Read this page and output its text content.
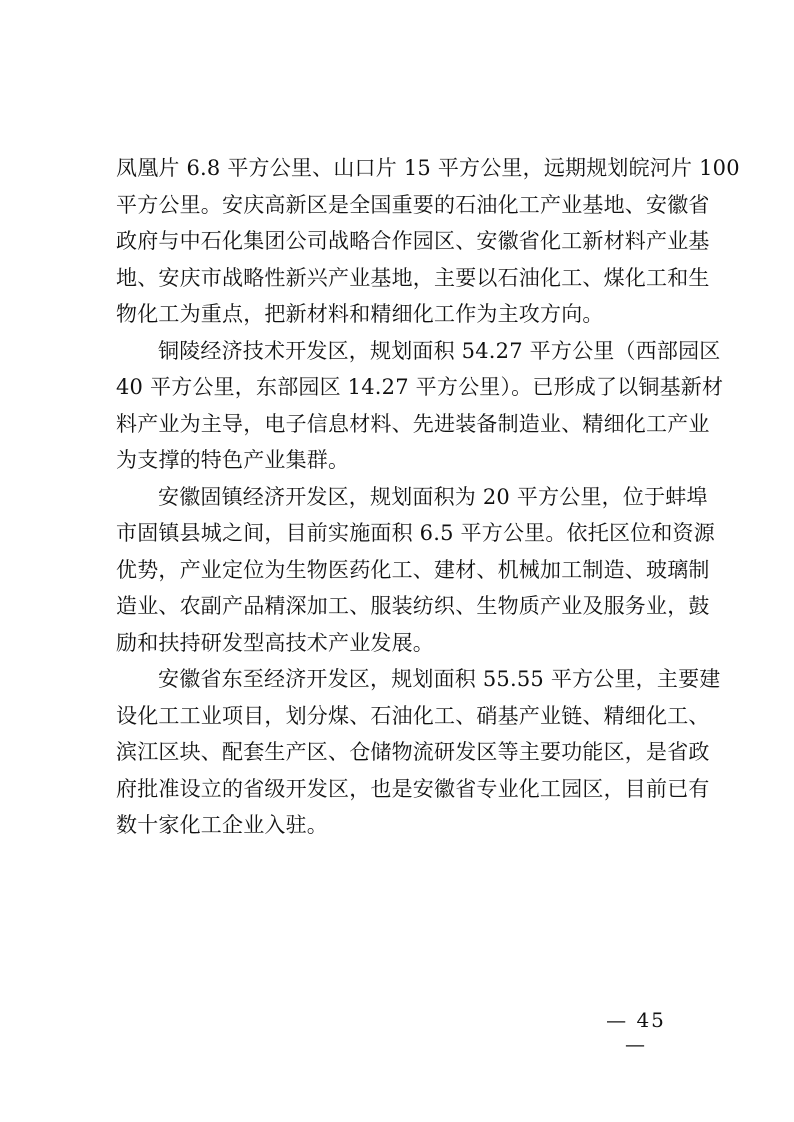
凤凰片 6.8 平方公里、山口片 15 平方公里，远期规划皖河片 100
平方公里。安庆高新区是全国重要的石油化工产业基地、安徽省
政府与中石化集团公司战略合作园区、安徽省化工新材料产业基
地、安庆市战略性新兴产业基地，主要以石油化工、煤化工和生
物化工为重点，把新材料和精细化工作为主攻方向。
铜陵经济技术开发区，规划面积 54.27 平方公里（西部园区
40 平方公里，东部园区 14.27 平方公里）。已形成了以铜基新材
料产业为主导，电子信息材料、先进装备制造业、精细化工产业
为支撑的特色产业集群。
安徽固镇经济开发区，规划面积为 20 平方公里，位于蚌埠
市固镇县城之间，目前实施面积 6.5 平方公里。依托区位和资源
优势，产业定位为生物医药化工、建材、机械加工制造、玻璃制
造业、农副产品精深加工、服装纺织、生物质产业及服务业，鼓
励和扶持研发型高技术产业发展。
安徽省东至经济开发区，规划面积 55.55 平方公里，主要建
设化工工业项目，划分煤、石油化工、硝基产业链、精细化工、
滨江区块、配套生产区、仓储物流研发区等主要功能区，是省政
府批准设立的省级开发区，也是安徽省专业化工园区，目前已有
数十家化工企业入驻。
— 45 —
